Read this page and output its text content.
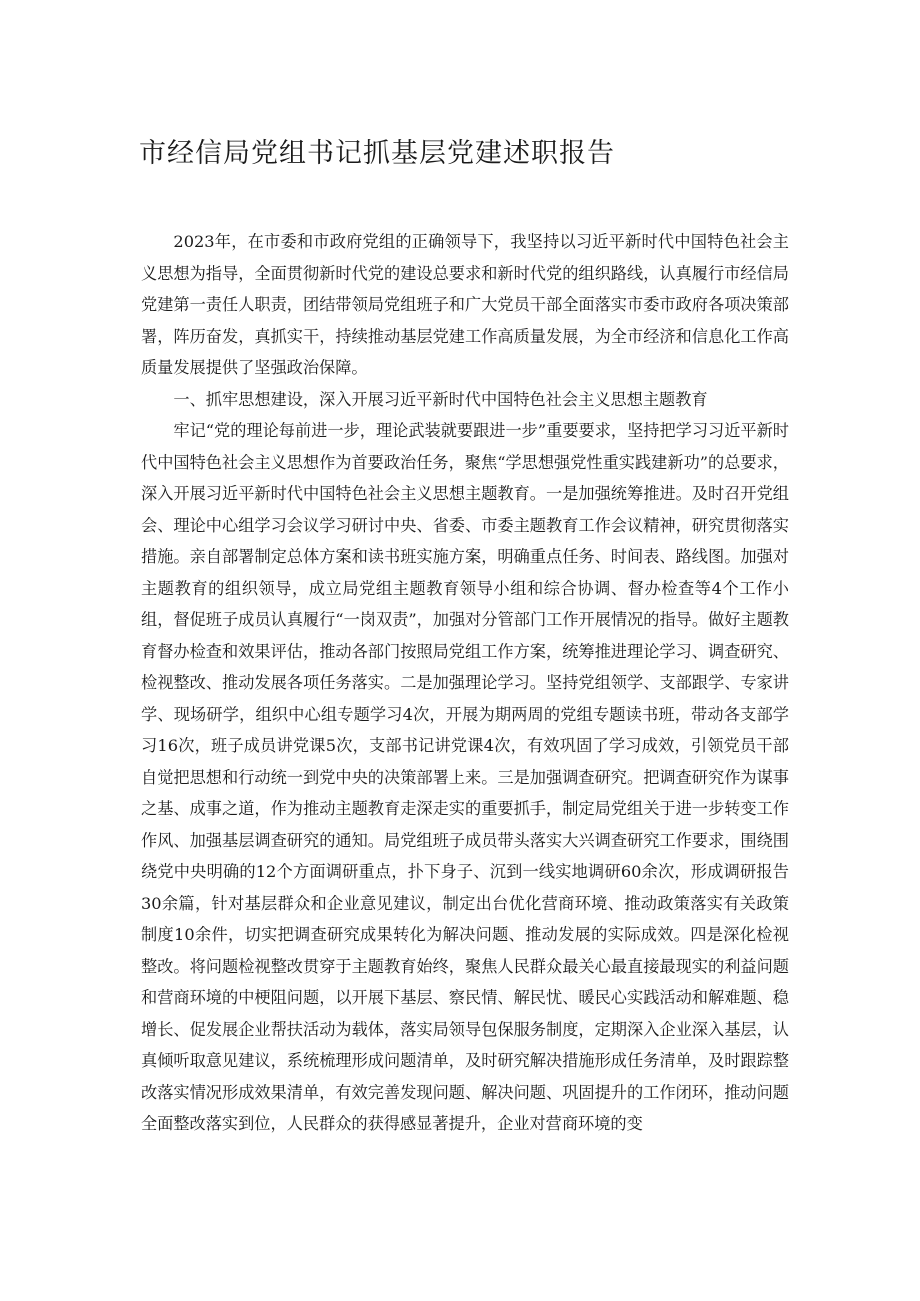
市经信局党组书记抓基层党建述职报告

2023年，在市委和市政府党组的正确领导下，我坚持以习近平新时代中国特色社会主义思想为指导，全面贯彻新时代党的建设总要求和新时代党的组织路线，认真履行市经信局党建第一责任人职责，团结带领局党组班子和广大党员干部全面落实市委市政府各项决策部署，阵历奋发，真抓实干，持续推动基层党建工作高质量发展，为全市经济和信息化工作高质量发展提供了坚强政治保障。

一、抓牢思想建设，深入开展习近平新时代中国特色社会主义思想主题教育

牢记“党的理论每前进一步，理论武装就要跟进一步”重要要求，坚持把学习习近平新时代中国特色社会主义思想作为首要政治任务，聚焦“学思想强党性重实践建新功”的总要求，深入开展习近平新时代中国特色社会主义思想主题教育。一是加强统筹推进。及时召开党组会、理论中心组学习会议学习研讨中央、省委、市委主题教育工作会议精神，研究贯彻落实措施。亲自部署制定总体方案和读书班实施方案，明确重点任务、时间表、路线图。加强对主题教育的组织领导，成立局党组主题教育领导小组和综合协调、督办检查等4个工作小组，督促班子成员认真履行“一岗双责”，加强对分管部门工作开展情况的指导。做好主题教育督办检查和效果评估，推动各部门按照局党组工作方案，统筹推进理论学习、调查研究、检视整改、推动发展各项任务落实。二是加强理论学习。坚持党组领学、支部跟学、专家讲学、现场研学，组织中心组专题学习4次，开展为期两周的党组专题读书班，带动各支部学习16次，班子成员讲党课5次，支部书记讲党课4次，有效巩固了学习成效，引领党员干部自觉把思想和行动统一到党中央的决策部署上来。三是加强调查研究。把调查研究作为谋事之基、成事之道，作为推动主题教育走深走实的重要抓手，制定局党组关于进一步转变工作作风、加强基层调查研究的通知。局党组班子成员带头落实大兴调查研究工作要求，围绕围绕党中央明确的12个方面调研重点，扑下身子、沉到一线实地调研60余次，形成调研报告30余篇，针对基层群众和企业意见建议，制定出台优化营商环境、推动政策落实有关政策制度10余件，切实把调查研究成果转化为解决问题、推动发展的实际成效。四是深化检视整改。将问题检视整改贯穿于主题教育始终，聚焦人民群众最关心最直接最现实的利益问题和营商环境的中梗阻问题，以开展下基层、察民情、解民忧、暖民心实践活动和解难题、稳增长、促发展企业帮扶活动为载体，落实局领导包保服务制度，定期深入企业深入基层，认真倾听取意见建议，系统梳理形成问题清单，及时研究解决措施形成任务清单，及时跟踪整改落实情况形成效果清单，有效完善发现问题、解决问题、巩固提升的工作闭环，推动问题全面整改落实到位，人民群众的获得感显著提升，企业对营商环境的变
